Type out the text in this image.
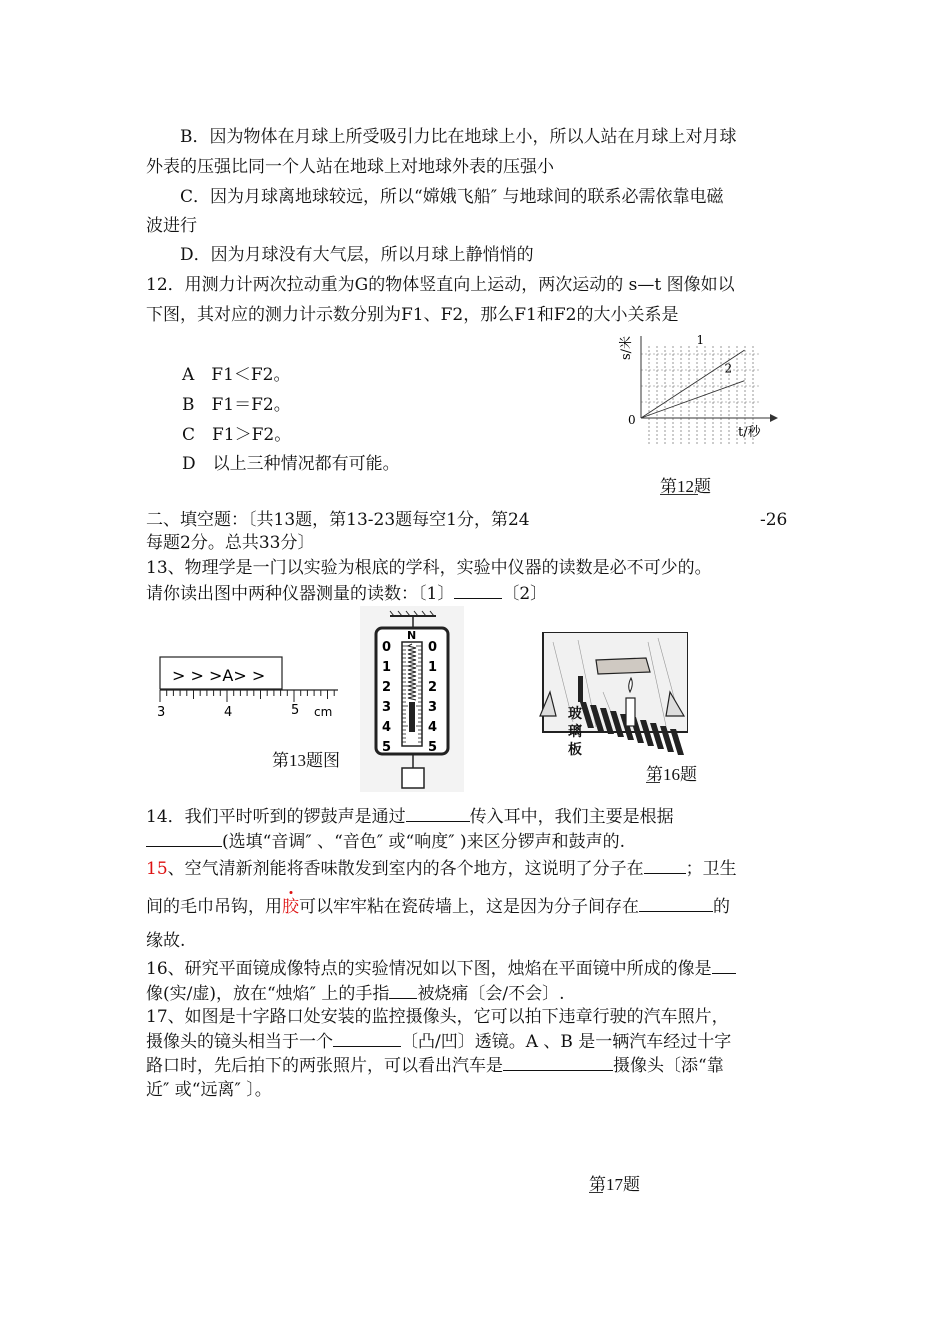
B．因为物体在月球上所受吸引力比在地球上小，所以人站在月球上对月球
外表的压强比同一个人站在地球上对地球外表的压强小
C．因为月球离地球较远，所以“嫦娥飞船″ 与地球间的联系必需依靠电磁
波进行
D．因为月球没有大气层，所以月球上静悄悄的
12．用测力计两次拉动重为G的物体竖直向上运动，两次运动的 s—t 图像如以
下图，其对应的测力计示数分别为F1、F2，那么F1和F2的大小关系是
A　F1＜F2。
B　F1＝F2。
C　F1＞F2。
D　以上三种情况都有可能。
1
2
0
t/秒
s/米
第12题
二、填空题：〔共13题，第13-23题每空1分，第24	-26
每题2分。总共33分〕
13、物理学是一门以实验为根底的学科，实验中仪器的读数是必不可少的。
请你读出图中两种仪器测量的读数：〔1〕	〔2〕
> > >A> >
3	4	5 cm
N
0	0
1	1
2	2
3	3
4	4
5	5
第13题图
玻
璃
板
第16题
14．我们平时听到的锣鼓声是通过	传入耳中，我们主要是根据
(选填“音调″ 、“音色″ 或“响度″ )来区分锣声和鼓声的.
15、空气清新剂能将香味散发到室内的各个地方，这说明了分子在 ；卫生
间的毛巾吊钩，用胶可以牢牢粘在瓷砖墙上，这是因为分子间存在	的
缘故.
16、研究平面镜成像特点的实验情况如以下图，烛焰在平面镜中所成的像是
像(实/虚)，放在“烛焰″ 上的手指 被烧痛〔会/不会〕.
17、如图是十字路口处安装的监控摄像头，它可以拍下违章行驶的汽车照片，
摄像头的镜头相当于一个	〔凸/凹〕透镜。A 、B 是一辆汽车经过十字
路口时，先后拍下的两张照片，可以看出汽车是	摄像头〔添“靠
近″ 或“远离″ 〕。
第17题
